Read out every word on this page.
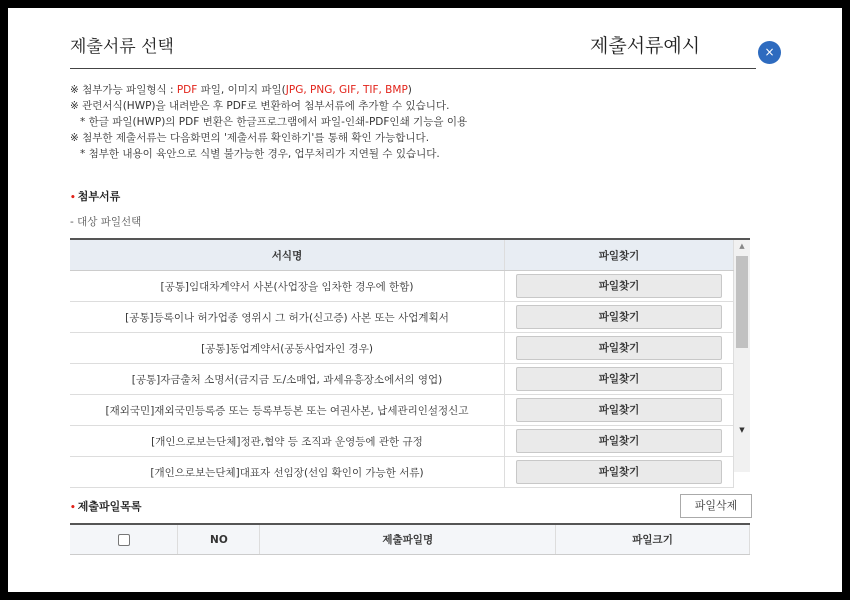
제출서류 선택	제출서류예시	×
※ 첨부가능 파일형식 : PDF 파일, 이미지 파일(JPG, PNG, GIF, TIF, BMP)
※ 관련서식(HWP)을 내려받은 후 PDF로 변환하여 첨부서류에 추가할 수 있습니다.
* 한글 파일(HWP)의 PDF 변환은 한글프로그램에서 파일-인쇄-PDF인쇄 기능을 이용
※ 첨부한 제출서류는 다음화면의 '제출서류 확인하기'를 통해 확인 가능합니다.
* 첨부한 내용이 육안으로 식별 불가능한 경우, 업무처리가 지연될 수 있습니다.
• 첨부서류
- 대상 파일선택
서식명	파일찾기
[공통]임대차계약서 사본(사업장을 임차한 경우에 한함)	파일찾기

[공통]등록이나 허가업종 영위시 그 허가(신고증) 사본 또는 사업계획서	파일찾기

[공통]동업계약서(공동사업자인 경우)	파일찾기

[공통]자금출처 소명서(금지금 도/소매업, 과세유흥장소에서의 영업)	파일찾기

[재외국민]재외국민등록증 또는 등록부등본 또는 여권사본, 납세관리인설정신고	파일찾기

[개인으로보는단체]정관,협약 등 조직과 운영등에 관한 규정	파일찾기

[개인으로보는단체]대표자 선임장(선임 확인이 가능한 서류)	파일찾기
▲
▼
• 제출파일목록	파일삭제
	NO	제출파일명	파일크기
